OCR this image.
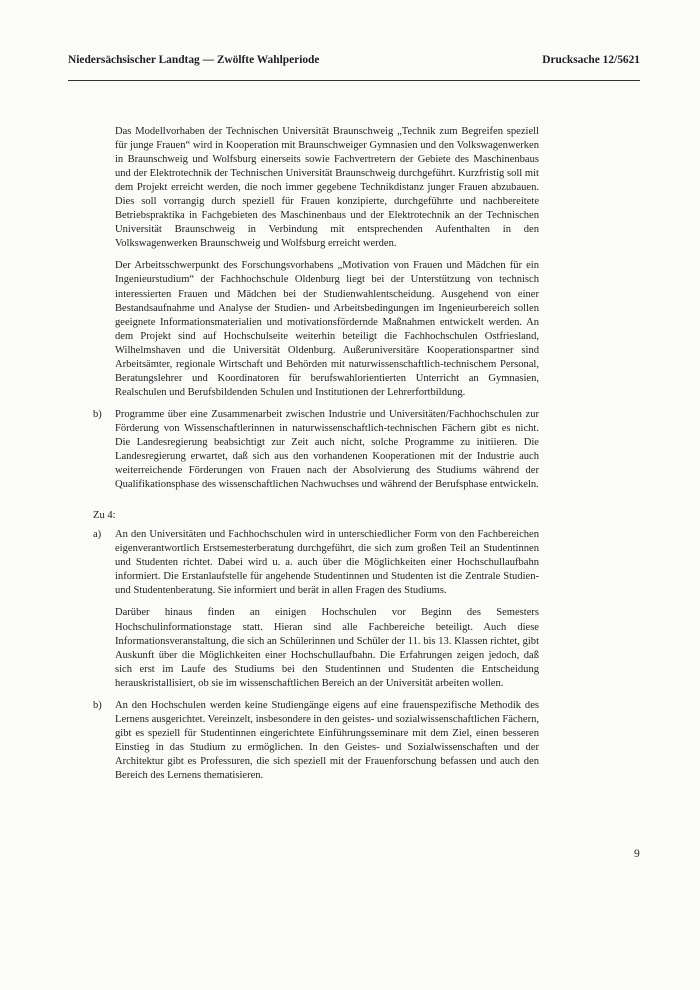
Niedersächsischer Landtag — Zwölfte Wahlperiode	Drucksache 12/5621

Das Modellvorhaben der Technischen Universität Braunschweig „Technik zum Begreifen speziell für junge Frauen“ wird in Kooperation mit Braunschweiger Gymnasien und den Volkswagenwerken in Braunschweig und Wolfsburg einerseits sowie Fachvertretern der Gebiete des Maschinenbaus und der Elektrotechnik der Technischen Universität Braunschweig durchgeführt. Kurzfristig soll mit dem Projekt erreicht werden, die noch immer gegebene Technikdistanz junger Frauen abzubauen. Dies soll vorrangig durch speziell für Frauen konzipierte, durchgeführte und nachbereitete Betriebspraktika in Fachgebieten des Maschinenbaus und der Elektrotechnik an der Technischen Universität Braunschweig in Verbindung mit entsprechenden Aufenthalten in den Volkswagenwerken Braunschweig und Wolfsburg erreicht werden.

Der Arbeitsschwerpunkt des Forschungsvorhabens „Motivation von Frauen und Mädchen für ein Ingenieurstudium“ der Fachhochschule Oldenburg liegt bei der Unterstützung von technisch interessierten Frauen und Mädchen bei der Studienwahlentscheidung. Ausgehend von einer Bestandsaufnahme und Analyse der Studien- und Arbeitsbedingungen im Ingenieurbereich sollen geeignete Informationsmaterialien und motivationsfördernde Maßnahmen entwickelt werden. An dem Projekt sind auf Hochschulseite weiterhin beteiligt die Fachhochschulen Ostfriesland, Wilhelmshaven und die Universität Oldenburg. Außeruniversitäre Kooperationspartner sind Arbeitsämter, regionale Wirtschaft und Behörden mit naturwissenschaftlich-technischem Personal, Beratungslehrer und Koordinatoren für berufswahlorientierten Unterricht an Gymnasien, Realschulen und Berufsbildenden Schulen und Institutionen der Lehrerfortbildung.

b) Programme über eine Zusammenarbeit zwischen Industrie und Universitäten/Fachhochschulen zur Förderung von Wissenschaftlerinnen in naturwissenschaftlich-technischen Fächern gibt es nicht. Die Landesregierung beabsichtigt zur Zeit auch nicht, solche Programme zu initiieren. Die Landesregierung erwartet, daß sich aus den vorhandenen Kooperationen mit der Industrie auch weiterreichende Förderungen von Frauen nach der Absolvierung des Studiums während der Qualifikationsphase des wissenschaftlichen Nachwuchses und während der Berufsphase entwickeln.

Zu 4:
a) An den Universitäten und Fachhochschulen wird in unterschiedlicher Form von den Fachbereichen eigenverantwortlich Erstsemesterberatung durchgeführt, die sich zum großen Teil an Studentinnen und Studenten richtet. Dabei wird u. a. auch über die Möglichkeiten einer Hochschullaufbahn informiert. Die Erstanlaufstelle für angehende Studentinnen und Studenten ist die Zentrale Studien- und Studentenberatung. Sie informiert und berät in allen Fragen des Studiums.

Darüber hinaus finden an einigen Hochschulen vor Beginn des Semesters Hochschulinformationstage statt. Hieran sind alle Fachbereiche beteiligt. Auch diese Informationsveranstaltung, die sich an Schülerinnen und Schüler der 11. bis 13. Klassen richtet, gibt Auskunft über die Möglichkeiten einer Hochschullaufbahn. Die Erfahrungen zeigen jedoch, daß sich erst im Laufe des Studiums bei den Studentinnen und Studenten die Entscheidung herauskristallisiert, ob sie im wissenschaftlichen Bereich an der Universität arbeiten wollen.

b) An den Hochschulen werden keine Studiengänge eigens auf eine frauenspezifische Methodik des Lernens ausgerichtet. Vereinzelt, insbesondere in den geistes- und sozialwissenschaftlichen Fächern, gibt es speziell für Studentinnen eingerichtete Einführungsseminare mit dem Ziel, einen besseren Einstieg in das Studium zu ermöglichen. In den Geistes- und Sozialwissenschaften und der Architektur gibt es Professuren, die sich speziell mit der Frauenforschung befassen und auch den Bereich des Lernens thematisieren.

9
